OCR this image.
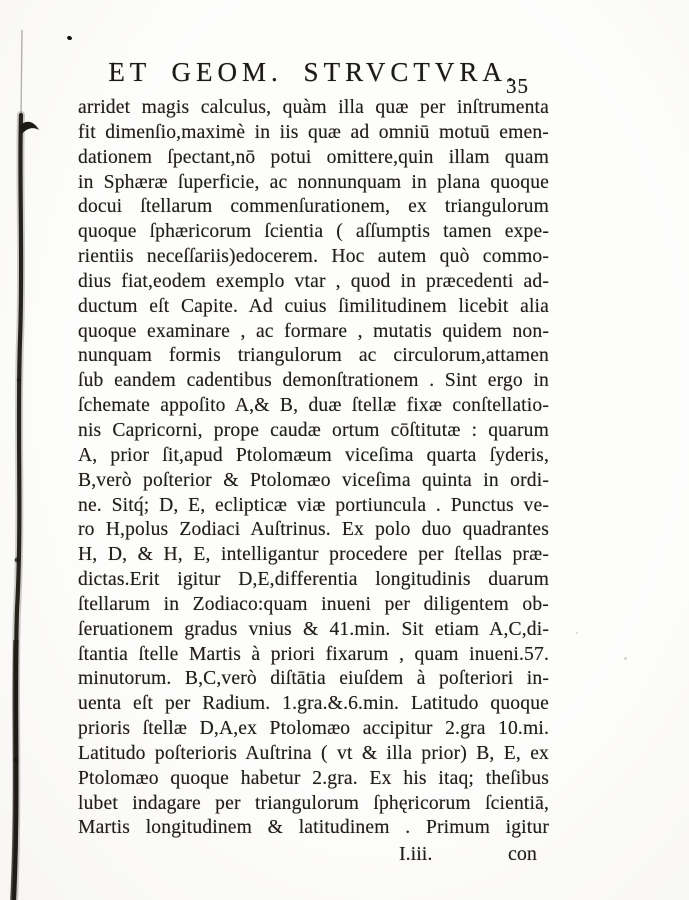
ET GEOM. STRVCTVRA.
35
arridet magis calculus, quàm illa quæ per inſtrumenta
fit dimenſio,maximè in iis quæ ad omniū motuū emen-
dationem ſpectant,nō potui omittere,quin illam quam
in Sphæræ ſuperficie, ac nonnunquam in plana quoque
docui ſtellarum commenſurationem, ex triangulorum
quoque ſphæricorum ſcientia ( aſſumptis tamen expe-
rientiis neceſſariis)edocerem. Hoc autem quò commo-
dius fiat,eodem exemplo vtar , quod in præcedenti ad-
ductum eſt Capite. Ad cuius ſimilitudinem licebit alia
quoque examinare , ac formare , mutatis quidem non-
nunquam formis triangulorum ac circulorum,attamen
ſub eandem cadentibus demonſtrationem . Sint ergo in
ſchemate appoſito A,& B, duæ ſtellæ fixæ conſtellatio-
nis Capricorni, prope caudæ ortum cōſtitutæ : quarum
A, prior ſit,apud Ptolomæum viceſima quarta ſyderis,
B,verò poſterior & Ptolomæo viceſima quinta in ordi-
ne. Sitq́; D, E, eclipticæ viæ portiuncula . Punctus ve-
ro H,polus Zodiaci Auſtrinus. Ex polo duo quadrantes
H, D, & H, E, intelligantur procedere per ſtellas præ-
dictas.Erit igitur D,E,differentia longitudinis duarum
ſtellarum in Zodiaco:quam inueni per diligentem ob-
ſeruationem gradus vnius & 41.min. Sit etiam A,C,di-
ſtantia ſtelle Martis à priori fixarum , quam inueni.57.
minutorum. B,C,verò diſtātia eiuſdem à poſteriori in-
uenta eſt per Radium. 1.gra.&.6.min. Latitudo quoque
prioris ſtellæ D,A,ex Ptolomæo accipitur 2.gra 10.mi.
Latitudo poſterioris Auſtrina ( vt & illa prior) B, E, ex
Ptolomæo quoque habetur 2.gra. Ex his itaq; theſibus
lubet indagare per triangulorum ſphęricorum ſcientiā,
Martis longitudinem & latitudinem . Primum igitur
I.iii.	con
